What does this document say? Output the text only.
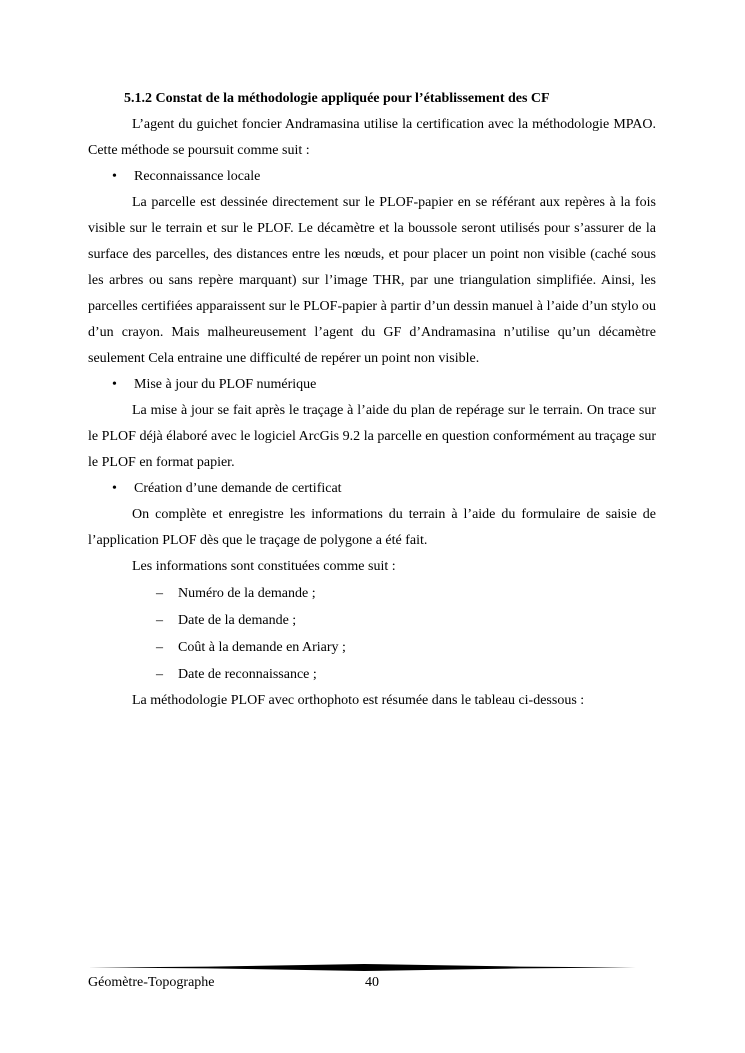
5.1.2 Constat de la méthodologie appliquée pour l’établissement des CF

L’agent du guichet foncier Andramasina utilise la certification avec la méthodologie MPAO. Cette méthode se poursuit comme suit :

• Reconnaissance locale

La parcelle est dessinée directement sur le PLOF-papier en se référant aux repères à la fois visible sur le terrain et sur le PLOF. Le décamètre et la boussole seront utilisés pour s’assurer de la surface des parcelles, des distances entre les nœuds, et pour placer un point non visible (caché sous les arbres ou sans repère marquant) sur l’image THR, par une triangulation simplifiée. Ainsi, les parcelles certifiées apparaissent sur le PLOF-papier à partir d’un dessin manuel à l’aide d’un stylo ou d’un crayon. Mais malheureusement l’agent du GF d’Andramasina n’utilise qu’un décamètre seulement Cela entraine une difficulté de repérer un point non visible.

• Mise à jour du PLOF numérique

La mise à jour se fait après le traçage à l’aide du plan de repérage sur le terrain. On trace sur le PLOF déjà élaboré avec le logiciel ArcGis 9.2 la parcelle en question conformément au traçage sur le PLOF en format papier.

• Création d’une demande de certificat

On complète et enregistre les informations du terrain à l’aide du formulaire de saisie de l’application PLOF dès que le traçage de polygone a été fait.

Les informations sont constituées comme suit :

– Numéro de la demande ;

– Date de la demande ;

– Coût à la demande en Ariary ;

– Date de reconnaissance ;

La méthodologie PLOF avec orthophoto est résumée dans le tableau ci-dessous :

Géomètre-Topographe	40
